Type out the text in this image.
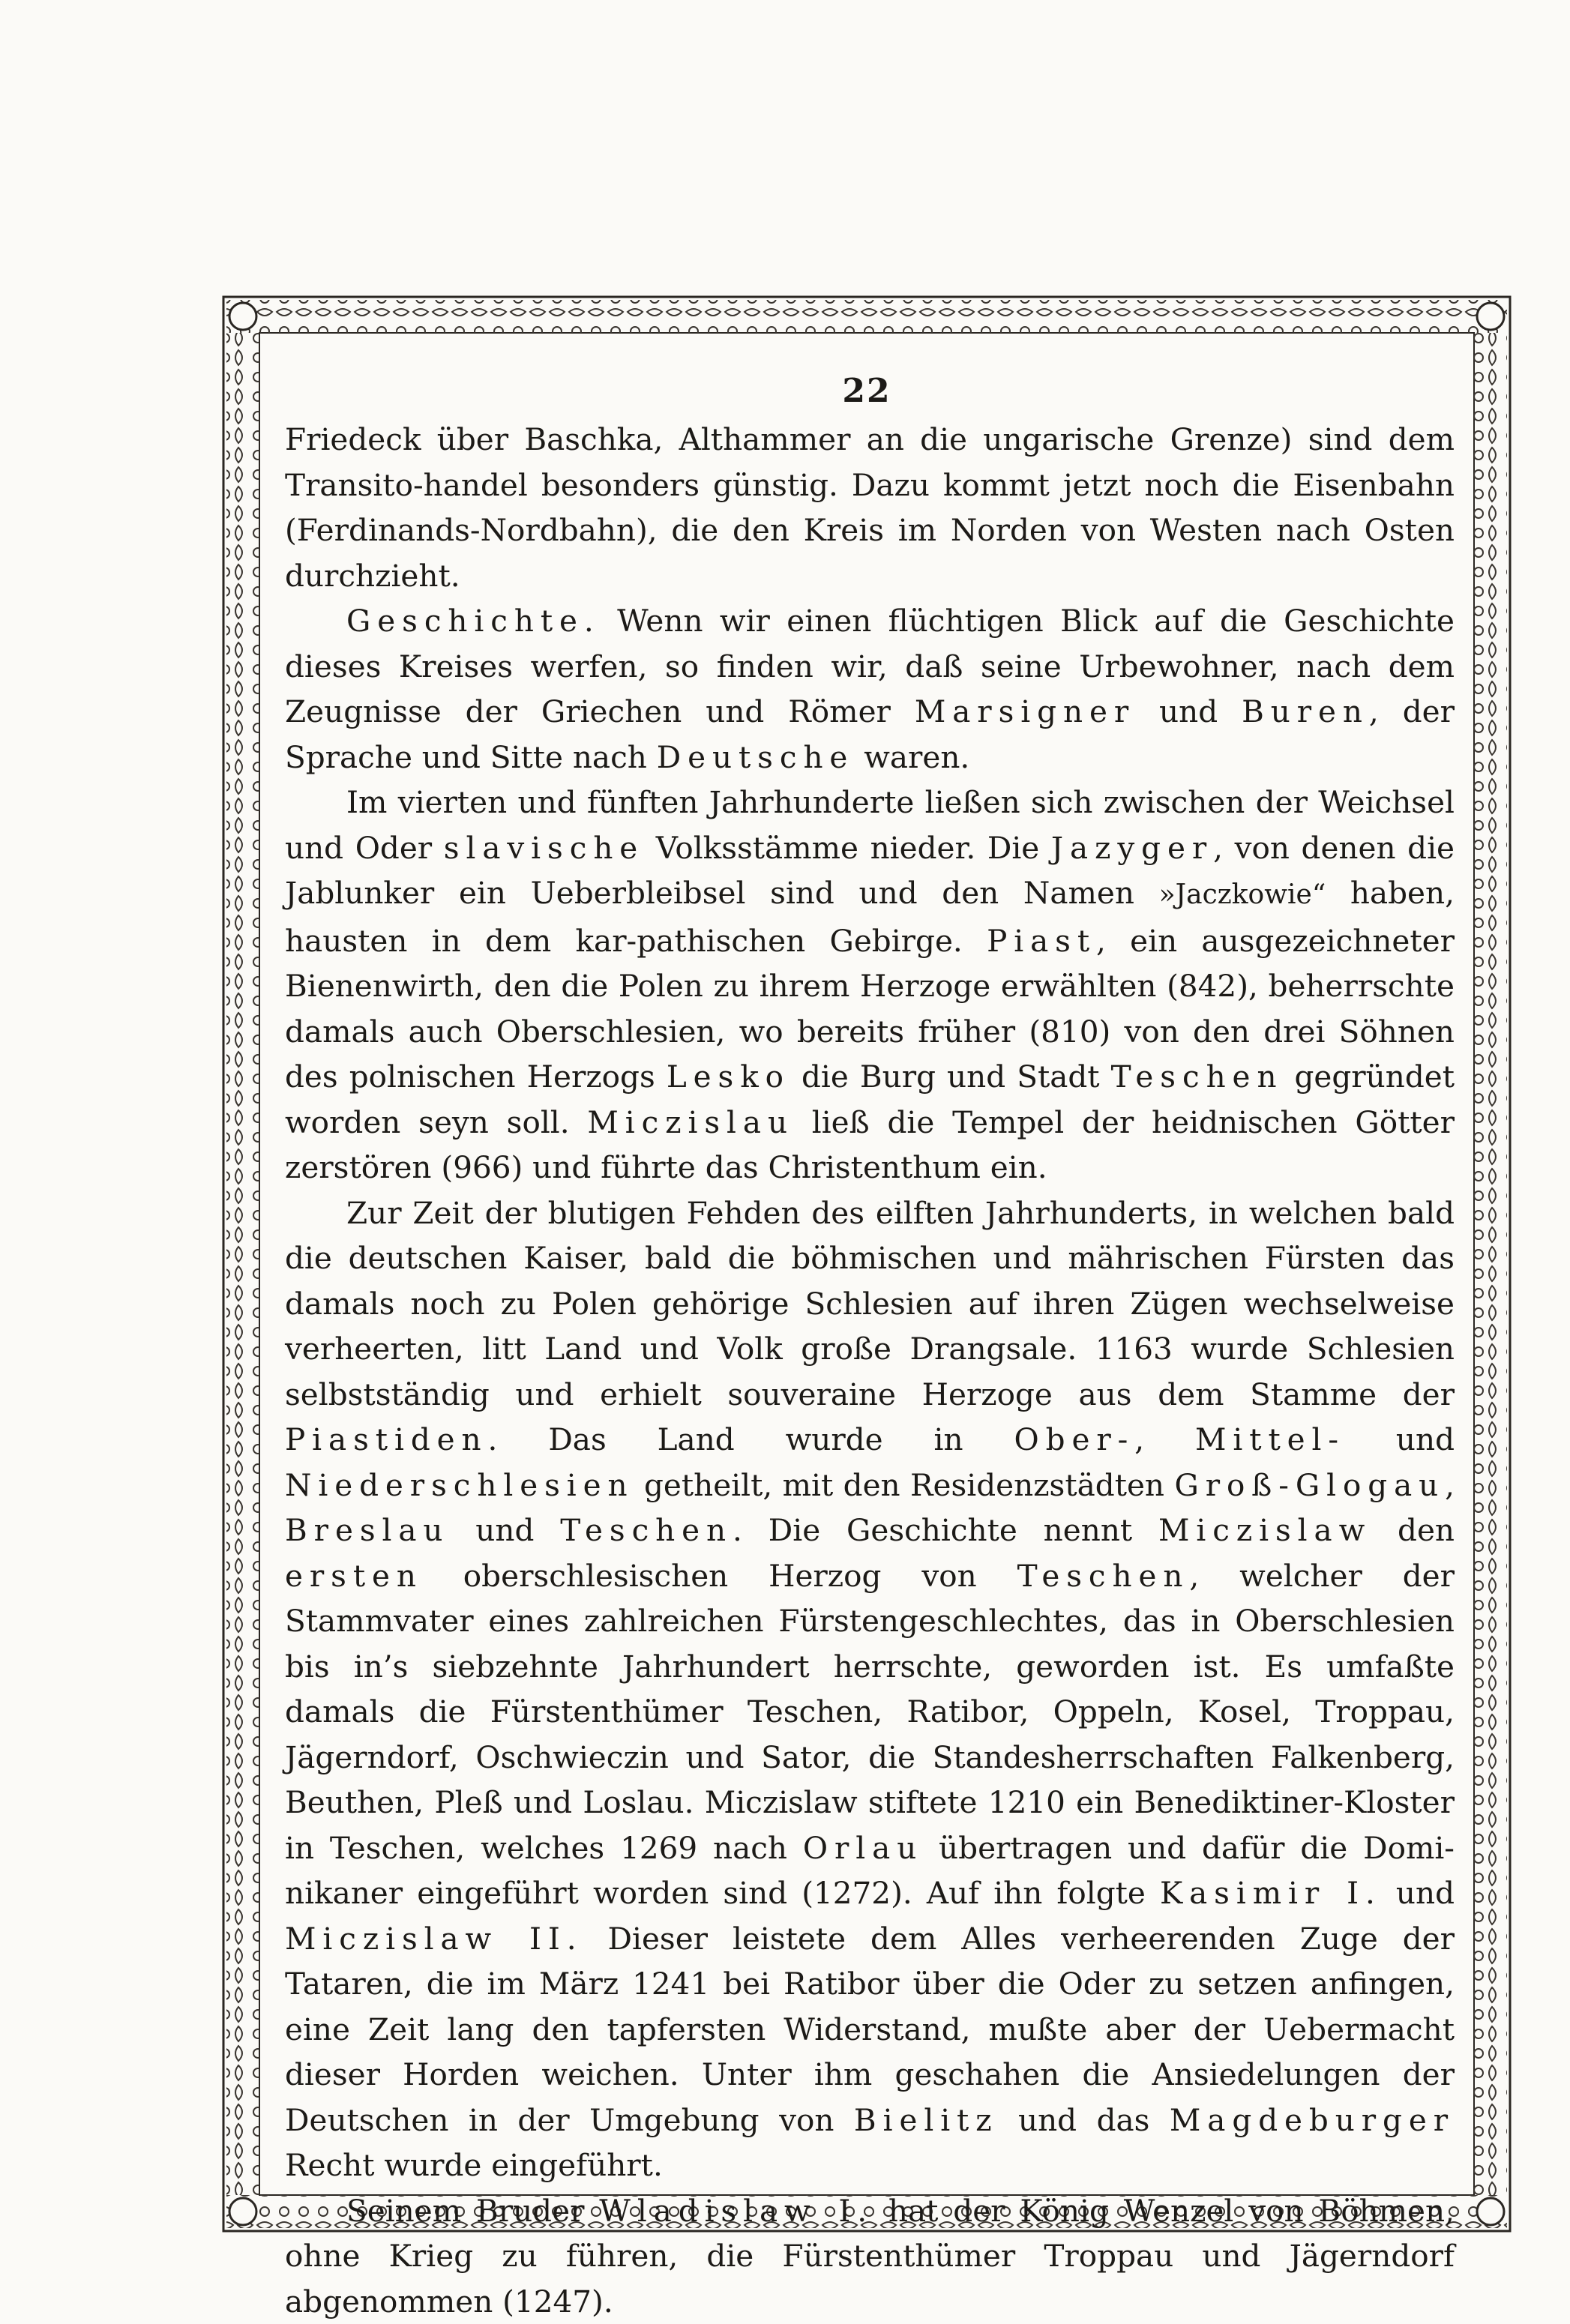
22

Friedeck über Baschka, Althammer an die ungarische Grenze) sind dem Transito-handel besonders günstig. Dazu kommt jetzt noch die Eisenbahn (Ferdinands-Nordbahn), die den Kreis im Norden von Westen nach Osten durchzieht.

Geschichte. Wenn wir einen flüchtigen Blick auf die Geschichte dieses Kreises werfen, so finden wir, daß seine Urbewohner, nach dem Zeugnisse der Griechen und Römer Marsigner und Buren, der Sprache und Sitte nach Deutsche waren.

Im vierten und fünften Jahrhunderte ließen sich zwischen der Weichsel und Oder slavische Volksstämme nieder. Die Jazyger, von denen die Jablunker ein Ueberbleibsel sind und den Namen »Jaczkowie“ haben, hausten in dem kar-pathischen Gebirge. Piast, ein ausgezeichneter Bienenwirth, den die Polen zu ihrem Herzoge erwählten (842), beherrschte damals auch Oberschlesien, wo bereits früher (810) von den drei Söhnen des polnischen Herzogs Lesko die Burg und Stadt Teschen gegründet worden seyn soll. Miczislau ließ die Tempel der heidnischen Götter zerstören (966) und führte das Christenthum ein.

Zur Zeit der blutigen Fehden des eilften Jahrhunderts, in welchen bald die deutschen Kaiser, bald die böhmischen und mährischen Fürsten das damals noch zu Polen gehörige Schlesien auf ihren Zügen wechselweise verheerten, litt Land und Volk große Drangsale. 1163 wurde Schlesien selbstständig und erhielt souveraine Herzoge aus dem Stamme der Piastiden. Das Land wurde in Ober-, Mittel- und Niederschlesien getheilt, mit den Residenzstädten Groß-Glogau, Breslau und Teschen. Die Geschichte nennt Miczislaw den ersten oberschlesischen Herzog von Teschen, welcher der Stammvater eines zahlreichen Fürstengeschlechtes, das in Oberschlesien bis in’s siebzehnte Jahrhundert herrschte, geworden ist. Es umfaßte damals die Fürstenthümer Teschen, Ratibor, Oppeln, Kosel, Troppau, Jägerndorf, Oschwieczin und Sator, die Standesherrschaften Falkenberg, Beuthen, Pleß und Loslau. Miczislaw stiftete 1210 ein Benediktiner-Kloster in Teschen, welches 1269 nach Orlau übertragen und dafür die Domi-nikaner eingeführt worden sind (1272). Auf ihn folgte Kasimir I. und Miczislaw II. Dieser leistete dem Alles verheerenden Zuge der Tataren, die im März 1241 bei Ratibor über die Oder zu setzen anfingen, eine Zeit lang den tapfersten Widerstand, mußte aber der Uebermacht dieser Horden weichen. Unter ihm geschahen die Ansiedelungen der Deutschen in der Umgebung von Bielitz und das Magdeburger Recht wurde eingeführt.

Seinem Bruder Wladislaw I. hat der König Wenzel von Böhmen, ohne Krieg zu führen, die Fürstenthümer Troppau und Jägerndorf abgenommen (1247).
